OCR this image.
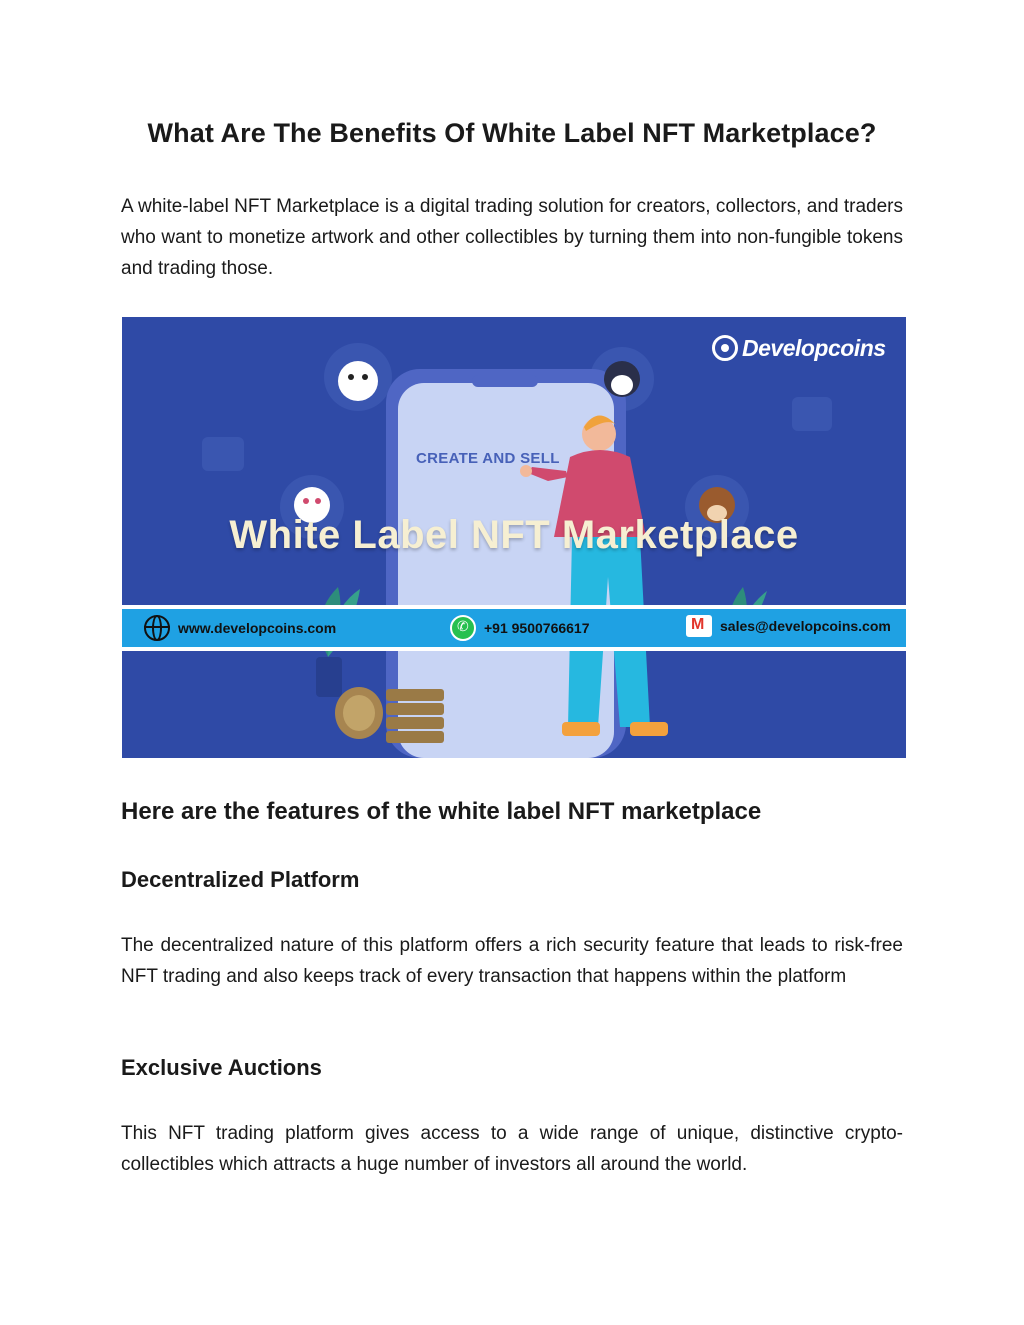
What Are The Benefits Of White Label NFT Marketplace?

A white-label NFT Marketplace is a digital trading solution for creators, collectors, and traders who want to monetize artwork and other collectibles by turning them into non-fungible tokens and trading those.

Developcoins
CREATE AND SELL
White Label NFT Marketplace
www.developcoins.com ✆	+91 9500766617 M	sales@developcoins.com
Here are the features of the white label NFT marketplace
Decentralized Platform

The decentralized nature of this platform offers a rich security feature that leads to risk-free NFT trading and also keeps track of every transaction that happens within the platform

Exclusive Auctions

This NFT trading platform gives access to a wide range of unique, distinctive crypto-collectibles which attracts a huge number of investors all around the world.
